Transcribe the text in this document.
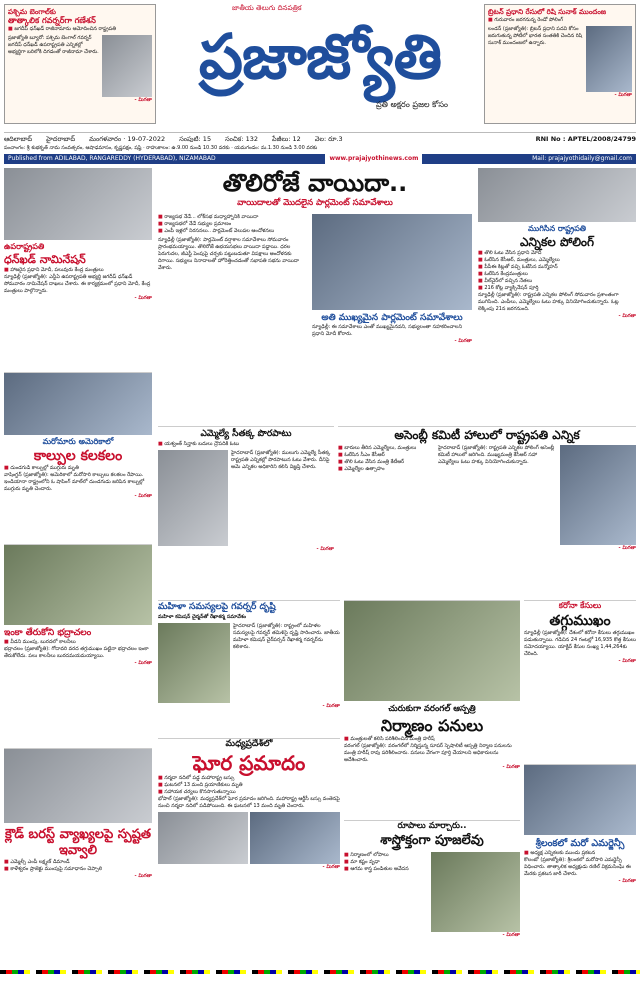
పశ్చిమ బెంగాల్‌కు
తాత్కాలిక గవర్నర్‌గా గణేశన్
■ జగదీప్ ధన్‌ఖడ్ రాజీనామాను ఆమోదించిన రాష్ట్రపతి
ప్రజాజ్యోతి బ్యూరో: పశ్చిమ బెంగాల్ గవర్నర్ జగదీప్ ధన్‌ఖడ్ ఉపరాష్ట్రపతి ఎన్నికల్లో అభ్యర్థిగా బరిలోకి దిగడంతో రాజీనామా చేశారు.
- మిగతా
జాతీయ తెలుగు దినపత్రిక
ప్రజాజ్యోతి
ప్రతి అక్షరం ప్రజల కోసం
బ్రిటన్ ప్రధాని రేసులో రిషి సునాక్ ముందంజ
■ గురువారం జరగనున్న రెండో పోలింగ్
లండన్ (ప్రజాజ్యోతి): బ్రిటన్ ప్రధాని పదవి కోసం జరుగుతున్న పోటీలో భారత సంతతికి చెందిన రిషి సునాక్ ముందంజలో ఉన్నారు.
- మిగతా
ఆదిలాబాద్ హైదరాబాద్ మంగళవారం · 19-07-2022 సంపుటి: 15 సంచిక: 132 పేజీలు: 12 వెల: రూ.3	RNI No : APTEL/2008/24799
పంచాంగం: శ్రీ శుభకృత్ నామ సంవత్సరం, ఆషాఢమాసం, కృష్ణపక్షం, షష్ఠి · రాహుకాలం: ఉ.9.00 నుండి 10.30 వరకు · యమగండం: మ.1.30 నుండి 3.00 వరకు
Published from ADILABAD, RANGAREDDY (HYDERABAD), NIZAMABAD	www.prajajyothinews.com	Mail: prajajyothidaily@gmail.com
ఉపరాష్ట్రపతి
ధన్‌ఖడ్ నామినేషన్
■ హాజరైన ప్రధాని మోదీ, పలువురు కేంద్ర మంత్రులు
న్యూఢిల్లీ (ప్రజాజ్యోతి): ఎన్డీఏ ఉపరాష్ట్రపతి అభ్యర్థి జగదీప్ ధన్‌ఖడ్ సోమవారం నామినేషన్ దాఖలు చేశారు. ఈ కార్యక్రమంలో ప్రధాని మోదీ, కేంద్ర మంత్రులు పాల్గొన్నారు.
- మిగతా
మరోమారు అమెరికాలో
కాల్పుల కలకలం
■ దుండగుడి కాల్పుల్లో ముగ్గురు మృతి
వాషింగ్టన్ (ప్రజాజ్యోతి): అమెరికాలో మరోసారి కాల్పులు కలకలం రేపాయి. ఇండియానా రాష్ట్రంలోని ఓ షాపింగ్ మాల్‌లో దుండగుడు జరిపిన కాల్పుల్లో ముగ్గురు మృతి చెందారు.
- మిగతా
ఇంకా తేరుకోని భద్రాచలం
■ వీడని ముంపు, బురదలో కాలనీలు
భద్రాచలం (ప్రజాజ్యోతి): గోదావరి వరద తగ్గుముఖం పట్టినా భద్రాచలం ఇంకా తేరుకోలేదు. పలు కాలనీలు బురదమయమయ్యాయి.
- మిగతా
క్లౌడ్ బరస్ట్ వ్యాఖ్యలపై స్పష్టత ఇవ్వాలి
■ ఎమ్మెల్సీ ఎంపీ లక్ష్మణ్ డిమాండ్
■ కాళేశ్వరం ప్రాజెక్టు ముంపుపై సమాధానం చెప్పాలి
- మిగతా
తొలిరోజే వాయిదా..
వాయిదాలతో మొదలైన పార్లమెంట్ సమావేశాలు
■ రాజ్యసభ నేడే... లోక్‌సభ మధ్యాహ్నానికి వాయిదా
■ రాజ్యసభలో నేడే సభ్యుల ప్రమాణం
■ ఎంపీ ఇళ్లలో నిరసనలు.. పార్లమెంట్ వెలుపల ఆందోళనలు
న్యూఢిల్లీ (ప్రజాజ్యోతి): పార్లమెంట్ వర్షాకాల సమావేశాలు సోమవారం ప్రారంభమయ్యాయి. తొలిరోజే ఉభయసభలు వాయిదా పడ్డాయి. ధరల పెరుగుదల, జీఎస్టీ పెంపుపై చర్చకు పట్టుబడుతూ విపక్షాలు ఆందోళనకు దిగాయి. సభ్యులు నినాదాలతో హోరెత్తించడంతో సభాపతి సభను వాయిదా వేశారు.
అతి ముఖ్యమైన పార్లమెంట్ సమావేశాలు
న్యూఢిల్లీ: ఈ సమావేశాలు ఎంతో ముఖ్యమైనవని, సభ్యులంతా సహకరించాలని ప్రధాని మోదీ కోరారు.
- మిగతా
ముగిసిన రాష్ట్రపతి
ఎన్నికల పోలింగ్
■ తొలి ఓటు వేసిన ప్రధాని మోదీ
■ ఓటేసిన కేసీఆర్, మంత్రులు, ఎమ్మెల్యేలు
■ పీపీఈ కిట్లతో వచ్చి ఓటేసిన మన్మోహన్
■ ఓటేసిన కేంద్రమంత్రులు
■ వీల్‌చైర్‌లో వచ్చిన నేతలు
■ 216 కోట్ల వ్యాక్సినేషన్ పూర్తి
న్యూఢిల్లీ (ప్రజాజ్యోతి): రాష్ట్రపతి ఎన్నికల పోలింగ్ సోమవారం ప్రశాంతంగా ముగిసింది. ఎంపీలు, ఎమ్మెల్యేలు ఓటు హక్కు వినియోగించుకున్నారు. ఓట్ల లెక్కింపు 21న జరగనుంది.
- మిగతా
ఎమ్మెల్యే సీతక్క పొరపాటు
■ యశ్వంత్ సిన్హాకు బదులు ద్రౌపదికి ఓటు
హైదరాబాద్ (ప్రజాజ్యోతి): ములుగు ఎమ్మెల్యే సీతక్క రాష్ట్రపతి ఎన్నికల్లో పొరపాటున ఓటు వేశారు. దీనిపై ఆమె ఎన్నికల అధికారిని కలిసి విజ్ఞప్తి చేశారు.
- మిగతా
అసెంబ్లీ కమిటీ హాలులో రాష్ట్రపతి ఎన్నిక
■ బారులు తీరిన ఎమ్మెల్యేలు, మంత్రులు
■ ఓటేసిన సీఎం కేసీఆర్
■ తొలి ఓటు వేసిన మంత్రి కేటీఆర్
■ ఎమ్మెల్యేల ఉత్సాహం
హైదరాబాద్ (ప్రజాజ్యోతి): రాష్ట్రపతి ఎన్నికల పోలింగ్ అసెంబ్లీ కమిటీ హాలులో జరిగింది. ముఖ్యమంత్రి కేసీఆర్ సహా ఎమ్మెల్యేలు ఓటు హక్కు వినియోగించుకున్నారు.
- మిగతా
మహిళా సమస్యలపై గవర్నర్ దృష్టి
మహిళా కమిషన్ చైర్మన్‌తో రేఖాశర్మ సమావేశం
హైదరాబాద్ (ప్రజాజ్యోతి): రాష్ట్రంలో మహిళల సమస్యలపై గవర్నర్ తమిళిసై దృష్టి సారించారు. జాతీయ మహిళా కమిషన్ చైర్‌పర్సన్ రేఖాశర్మ గవర్నర్‌ను కలిశారు.
- మిగతా	చురుకుగా వరంగల్ ఆస్పత్రి
నిర్మాణం పనులు
■ మంత్రులతో కలిసి పరిశీలించిన మంత్రి హరీష్
వరంగల్ (ప్రజాజ్యోతి): వరంగల్‌లో నిర్మిస్తున్న సూపర్ స్పెషాలిటీ ఆస్పత్రి నిర్మాణ పనులను మంత్రి హరీష్ రావు పరిశీలించారు. పనులు వేగంగా పూర్తి చేయాలని అధికారులను ఆదేశించారు.
- మిగతా
కరోనా కేసులు
తగ్గుముఖం
న్యూఢిల్లీ (ప్రజాజ్యోతి): దేశంలో కరోనా కేసులు తగ్గుముఖం పడుతున్నాయి. గడిచిన 24 గంటల్లో 16,935 కొత్త కేసులు నమోదయ్యాయి. యాక్టివ్ కేసుల సంఖ్య 1,44,264కు చేరింది.
- మిగతా
మధ్యప్రదేశ్‌లో
ఘోర ప్రమాదం
■ నర్మదా నదిలో పడ్డ మహారాష్ట్ర బస్సు
■ ఘటనలో 13 మంది ప్రయాణికులు మృతి
■ సహాయక చర్యలు కొనసాగుతున్నాయి
భోపాల్ (ప్రజాజ్యోతి): మధ్యప్రదేశ్‌లో ఘోర ప్రమాదం జరిగింది. మహారాష్ట్ర ఆర్టీసీ బస్సు వంతెనపై నుంచి నర్మదా నదిలో పడిపోయింది. ఈ ఘటనలో 13 మంది మృతి చెందారు.
- మిగతా
రూపాలు మార్చారు..
శాస్త్రోక్తంగా పూజలేవు
■ నిర్మాణంలో లోపాలు
■ మా కష్టం వృధా
■ ఆగమ శాస్త్ర పండితుల ఆవేదన
- మిగతా
శ్రీలంకలో మరో ఎమర్జెన్సీ
■ అధ్యక్ష ఎన్నికలకు ముందు ప్రకటన
కొలంబో (ప్రజాజ్యోతి): శ్రీలంకలో మరోసారి ఎమర్జెన్సీ విధించారు. తాత్కాలిక అధ్యక్షుడు రణిల్ విక్రమసింఘే ఈ మేరకు ప్రకటన జారీ చేశారు.
- మిగతా
